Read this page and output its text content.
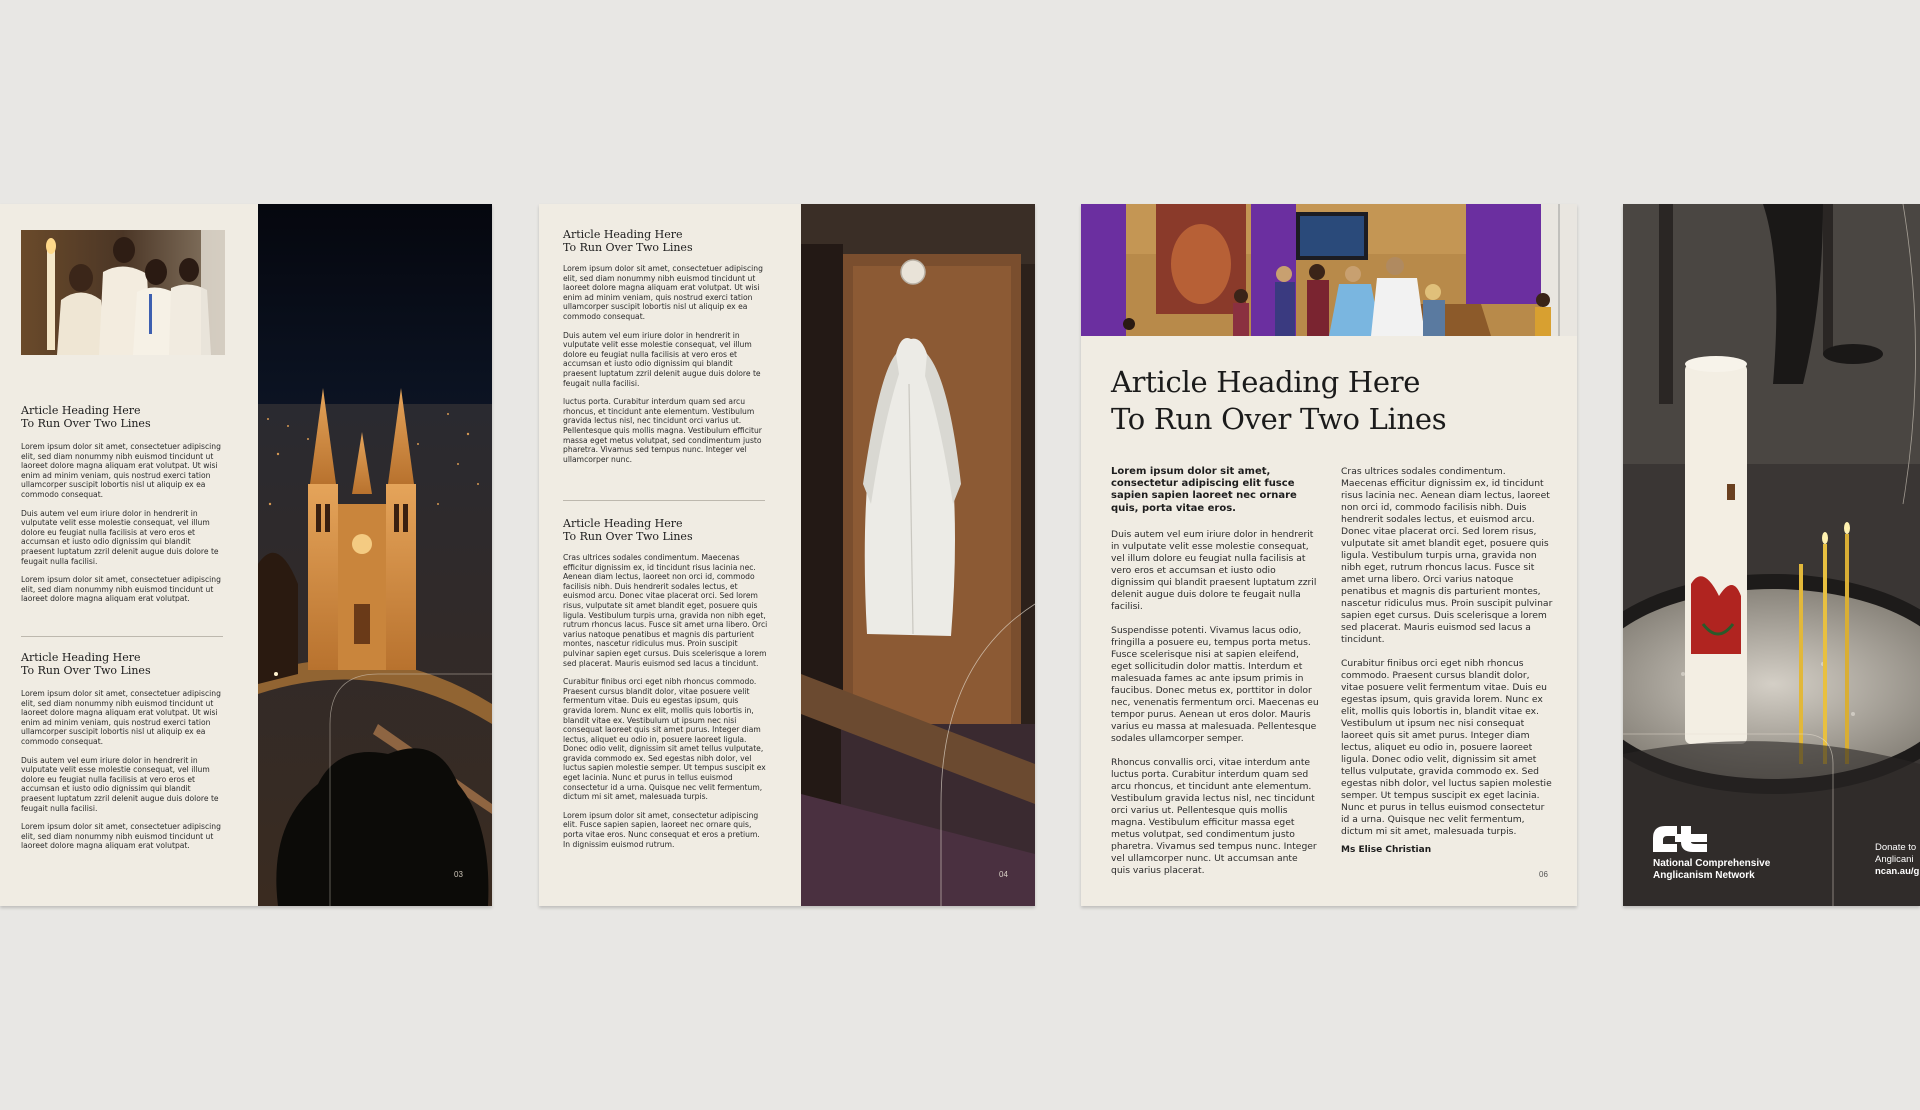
Article Heading Here

To Run Over Two Lines

Lorem ipsum dolor sit amet, consectetuer adipiscing elit, sed diam nonummy nibh euismod tincidunt ut laoreet dolore magna aliquam erat volutpat. Ut wisi enim ad minim veniam, quis nostrud exerci tation ullamcorper suscipit lobortis nisl ut aliquip ex ea commodo consequat.

Duis autem vel eum iriure dolor in hendrerit in vulputate velit esse molestie consequat, vel illum dolore eu feugiat nulla facilisis at vero eros et accumsan et iusto odio dignissim qui blandit praesent luptatum zzril delenit augue duis dolore te feugait nulla facilisi.

Lorem ipsum dolor sit amet, consectetuer adipiscing elit, sed diam nonummy nibh euismod tincidunt ut laoreet dolore magna aliquam erat volutpat.

Article Heading Here

To Run Over Two Lines

Lorem ipsum dolor sit amet, consectetuer adipiscing elit, sed diam nonummy nibh euismod tincidunt ut laoreet dolore magna aliquam erat volutpat. Ut wisi enim ad minim veniam, quis nostrud exerci tation ullamcorper suscipit lobortis nisl ut aliquip ex ea commodo consequat.

Duis autem vel eum iriure dolor in hendrerit in vulputate velit esse molestie consequat, vel illum dolore eu feugiat nulla facilisis at vero eros et accumsan et iusto odio dignissim qui blandit praesent luptatum zzril delenit augue duis dolore te feugait nulla facilisi.

Lorem ipsum dolor sit amet, consectetuer adipiscing elit, sed diam nonummy nibh euismod tincidunt ut laoreet dolore magna aliquam erat volutpat.

03

Article Heading Here

To Run Over Two Lines

Lorem ipsum dolor sit amet, consectetuer adipiscing elit, sed diam nonummy nibh euismod tincidunt ut laoreet dolore magna aliquam erat volutpat. Ut wisi enim ad minim veniam, quis nostrud exerci tation ullamcorper suscipit lobortis nisl ut aliquip ex ea commodo consequat.

Duis autem vel eum iriure dolor in hendrerit in vulputate velit esse molestie consequat, vel illum dolore eu feugiat nulla facilisis at vero eros et accumsan et iusto odio dignissim qui blandit praesent luptatum zzril delenit augue duis dolore te feugait nulla facilisi.

luctus porta. Curabitur interdum quam sed arcu rhoncus, et tincidunt ante elementum. Vestibulum gravida lectus nisl, nec tincidunt orci varius ut. Pellentesque quis mollis magna. Vestibulum efficitur massa eget metus volutpat, sed condimentum justo pharetra. Vivamus sed tempus nunc. Integer vel ullamcorper nunc.

Article Heading Here

To Run Over Two Lines

Cras ultrices sodales condimentum. Maecenas efficitur dignissim ex, id tincidunt risus lacinia nec. Aenean diam lectus, laoreet non orci id, commodo facilisis nibh. Duis hendrerit sodales lectus, et euismod arcu. Donec vitae placerat orci. Sed lorem risus, vulputate sit amet blandit eget, posuere quis ligula. Vestibulum turpis urna, gravida non nibh eget, rutrum rhoncus lacus. Fusce sit amet urna libero. Orci varius natoque penatibus et magnis dis parturient montes, nascetur ridiculus mus. Proin suscipit pulvinar sapien eget cursus. Duis scelerisque a lorem sed placerat. Mauris euismod sed lacus a tincidunt.

Curabitur finibus orci eget nibh rhoncus commodo. Praesent cursus blandit dolor, vitae posuere velit fermentum vitae. Duis eu egestas ipsum, quis gravida lorem. Nunc ex elit, mollis quis lobortis in, blandit vitae ex. Vestibulum ut ipsum nec nisi consequat laoreet quis sit amet purus. Integer diam lectus, aliquet eu odio in, posuere laoreet ligula. Donec odio velit, dignissim sit amet tellus vulputate, gravida commodo ex. Sed egestas nibh dolor, vel luctus sapien molestie semper. Ut tempus suscipit ex eget lacinia. Nunc et purus in tellus euismod consectetur id a urna. Quisque nec velit fermentum, dictum mi sit amet, malesuada turpis.

Lorem ipsum dolor sit amet, consectetur adipiscing elit. Fusce sapien sapien, laoreet nec ornare quis, porta vitae eros. Nunc consequat et eros a pretium. In dignissim euismod rutrum.

04

Article Heading Here

To Run Over Two Lines

Lorem ipsum dolor sit amet, consectetur adipiscing elit fusce sapien sapien laoreet nec ornare quis, porta vitae eros.

Duis autem vel eum iriure dolor in hendrerit in vulputate velit esse molestie consequat, vel illum dolore eu feugiat nulla facilisis at vero eros et accumsan et iusto odio dignissim qui blandit praesent luptatum zzril delenit augue duis dolore te feugait nulla facilisi.

Suspendisse potenti. Vivamus lacus odio, fringilla a posuere eu, tempus porta metus. Fusce scelerisque nisi at sapien eleifend, eget sollicitudin dolor mattis. Interdum et malesuada fames ac ante ipsum primis in faucibus. Donec metus ex, porttitor in dolor nec, venenatis fermentum orci. Maecenas eu tempor purus. Aenean ut eros dolor. Mauris varius eu massa at malesuada. Pellentesque sodales ullamcorper semper.

Rhoncus convallis orci, vitae interdum ante luctus porta. Curabitur interdum quam sed arcu rhoncus, et tincidunt ante elementum. Vestibulum gravida lectus nisl, nec tincidunt orci varius ut. Pellentesque quis mollis magna. Vestibulum efficitur massa eget metus volutpat, sed condimentum justo pharetra. Vivamus sed tempus nunc. Integer vel ullamcorper nunc. Ut accumsan ante quis varius placerat.

Cras ultrices sodales condimentum. Maecenas efficitur dignissim ex, id tincidunt risus lacinia nec. Aenean diam lectus, laoreet non orci id, commodo facilisis nibh. Duis hendrerit sodales lectus, et euismod arcu. Donec vitae placerat orci. Sed lorem risus, vulputate sit amet blandit eget, posuere quis ligula. Vestibulum turpis urna, gravida non nibh eget, rutrum rhoncus lacus. Fusce sit amet urna libero. Orci varius natoque penatibus et magnis dis parturient montes, nascetur ridiculus mus. Proin suscipit pulvinar sapien eget cursus. Duis scelerisque a lorem sed placerat. Mauris euismod sed lacus a tincidunt.

Curabitur finibus orci eget nibh rhoncus commodo. Praesent cursus blandit dolor, vitae posuere velit fermentum vitae. Duis eu egestas ipsum, quis gravida lorem. Nunc ex elit, mollis quis lobortis in, blandit vitae ex. Vestibulum ut ipsum nec nisi consequat laoreet quis sit amet purus. Integer diam lectus, aliquet eu odio in, posuere laoreet ligula. Donec odio velit, dignissim sit amet tellus vulputate, gravida commodo ex. Sed egestas nibh dolor, vel luctus sapien molestie semper. Ut tempus suscipit ex eget lacinia. Nunc et purus in tellus euismod consectetur id a urna. Quisque nec velit fermentum, dictum mi sit amet, malesuada turpis.

Ms Elise Christian
06
National Comprehensive
Anglicanism Network
Donate to
Anglicani
ncan.au/g
